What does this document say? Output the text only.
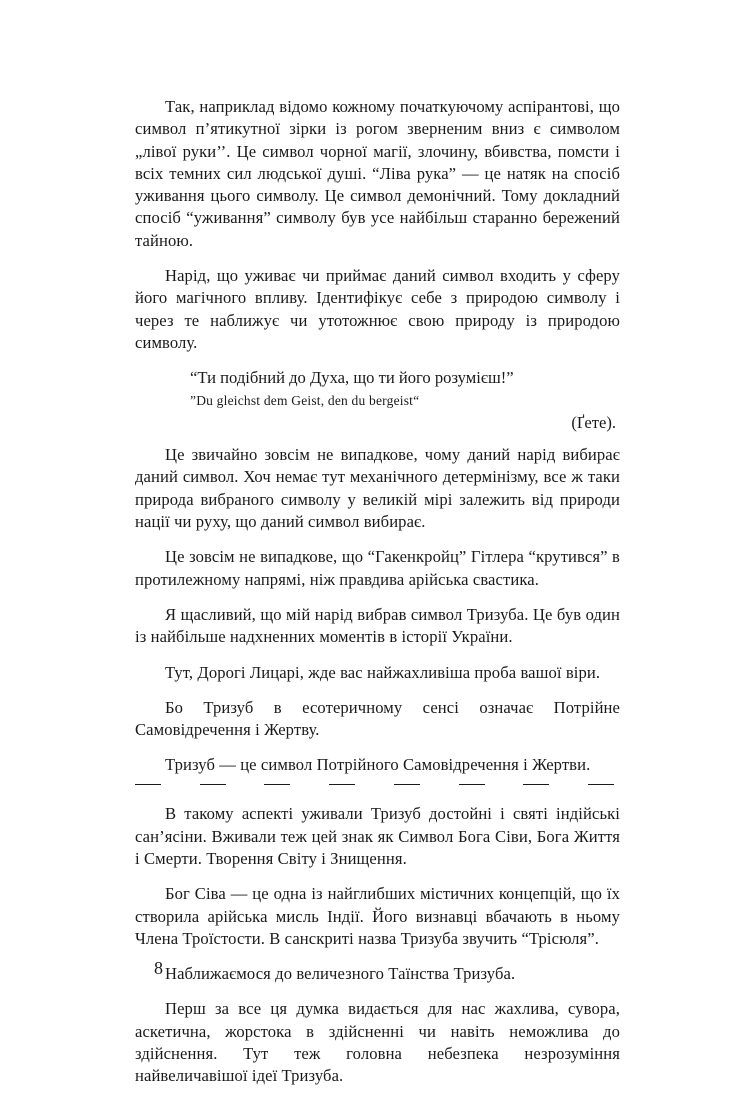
Так, наприклад відомо кожному початкуючому аспірантові, що символ п’ятикутної зірки із рогом зверненим вниз є символом „лівої руки’’. Це символ чорної магії, злочину, вбивства, помсти і всіх темних сил людської душі. “Ліва рука” — це натяк на спосіб уживання цього символу. Це символ демонічний. Тому докладний спосіб “уживання” символу був усе найбільш старанно бережений тайною.

Нарід, що уживає чи приймає даний символ входить у сферу його магічного впливу. Ідентифікує себе з природою символу і через те наближує чи утотожнює свою природу із природою символу.

“Ти подібний до Духа, що ти його розумієш!”
”Du gleichst dem Geist, den du bergeist“
(Ґете).

Це звичайно зовсім не випадкове, чому даний нарід вибирає даний символ. Хоч немає тут механічного детермінізму, все ж таки природа вибраного символу у великій мірі залежить від природи нації чи руху, що даний символ вибирає.

Це зовсім не випадкове, що “Гакенкройц” Гітлера “крутився” в протилежному напрямі, ніж правдива арійська свастика.

Я щасливий, що мій нарід вибрав символ Тризуба. Це був один із найбільше надхненних моментів в історії України.

Тут, Дорогі Лицарі, жде вас найжахливіша проба вашої віри.

Бо Тризуб в есотеричному сенсі означає Потрійне Самовідречення і Жертву.

Тризуб — це символ Потрійного Самовідречення і Жертви.

В такому аспекті уживали Тризуб достойні і святі індійські сан’ясіни. Вживали теж цей знак як Символ Бога Сіви, Бога Життя і Смерти. Творення Світу і Знищення.

Бог Сіва — це одна із найглибших містичних концепцій, що їх створила арійська мисль Індії. Його визнавці вбачають в ньому Члена Троїстости. В санскриті назва Тризуба звучить “Трісюля”.

Наближаємося до величезного Таїнства Тризуба.

Перш за все ця думка видається для нас жахлива, сувора, аскетична, жорстока в здійсненні чи навіть неможлива до здійснення. Тут теж головна небезпека незрозуміння найвеличавішої ідеї Тризуба.

8
